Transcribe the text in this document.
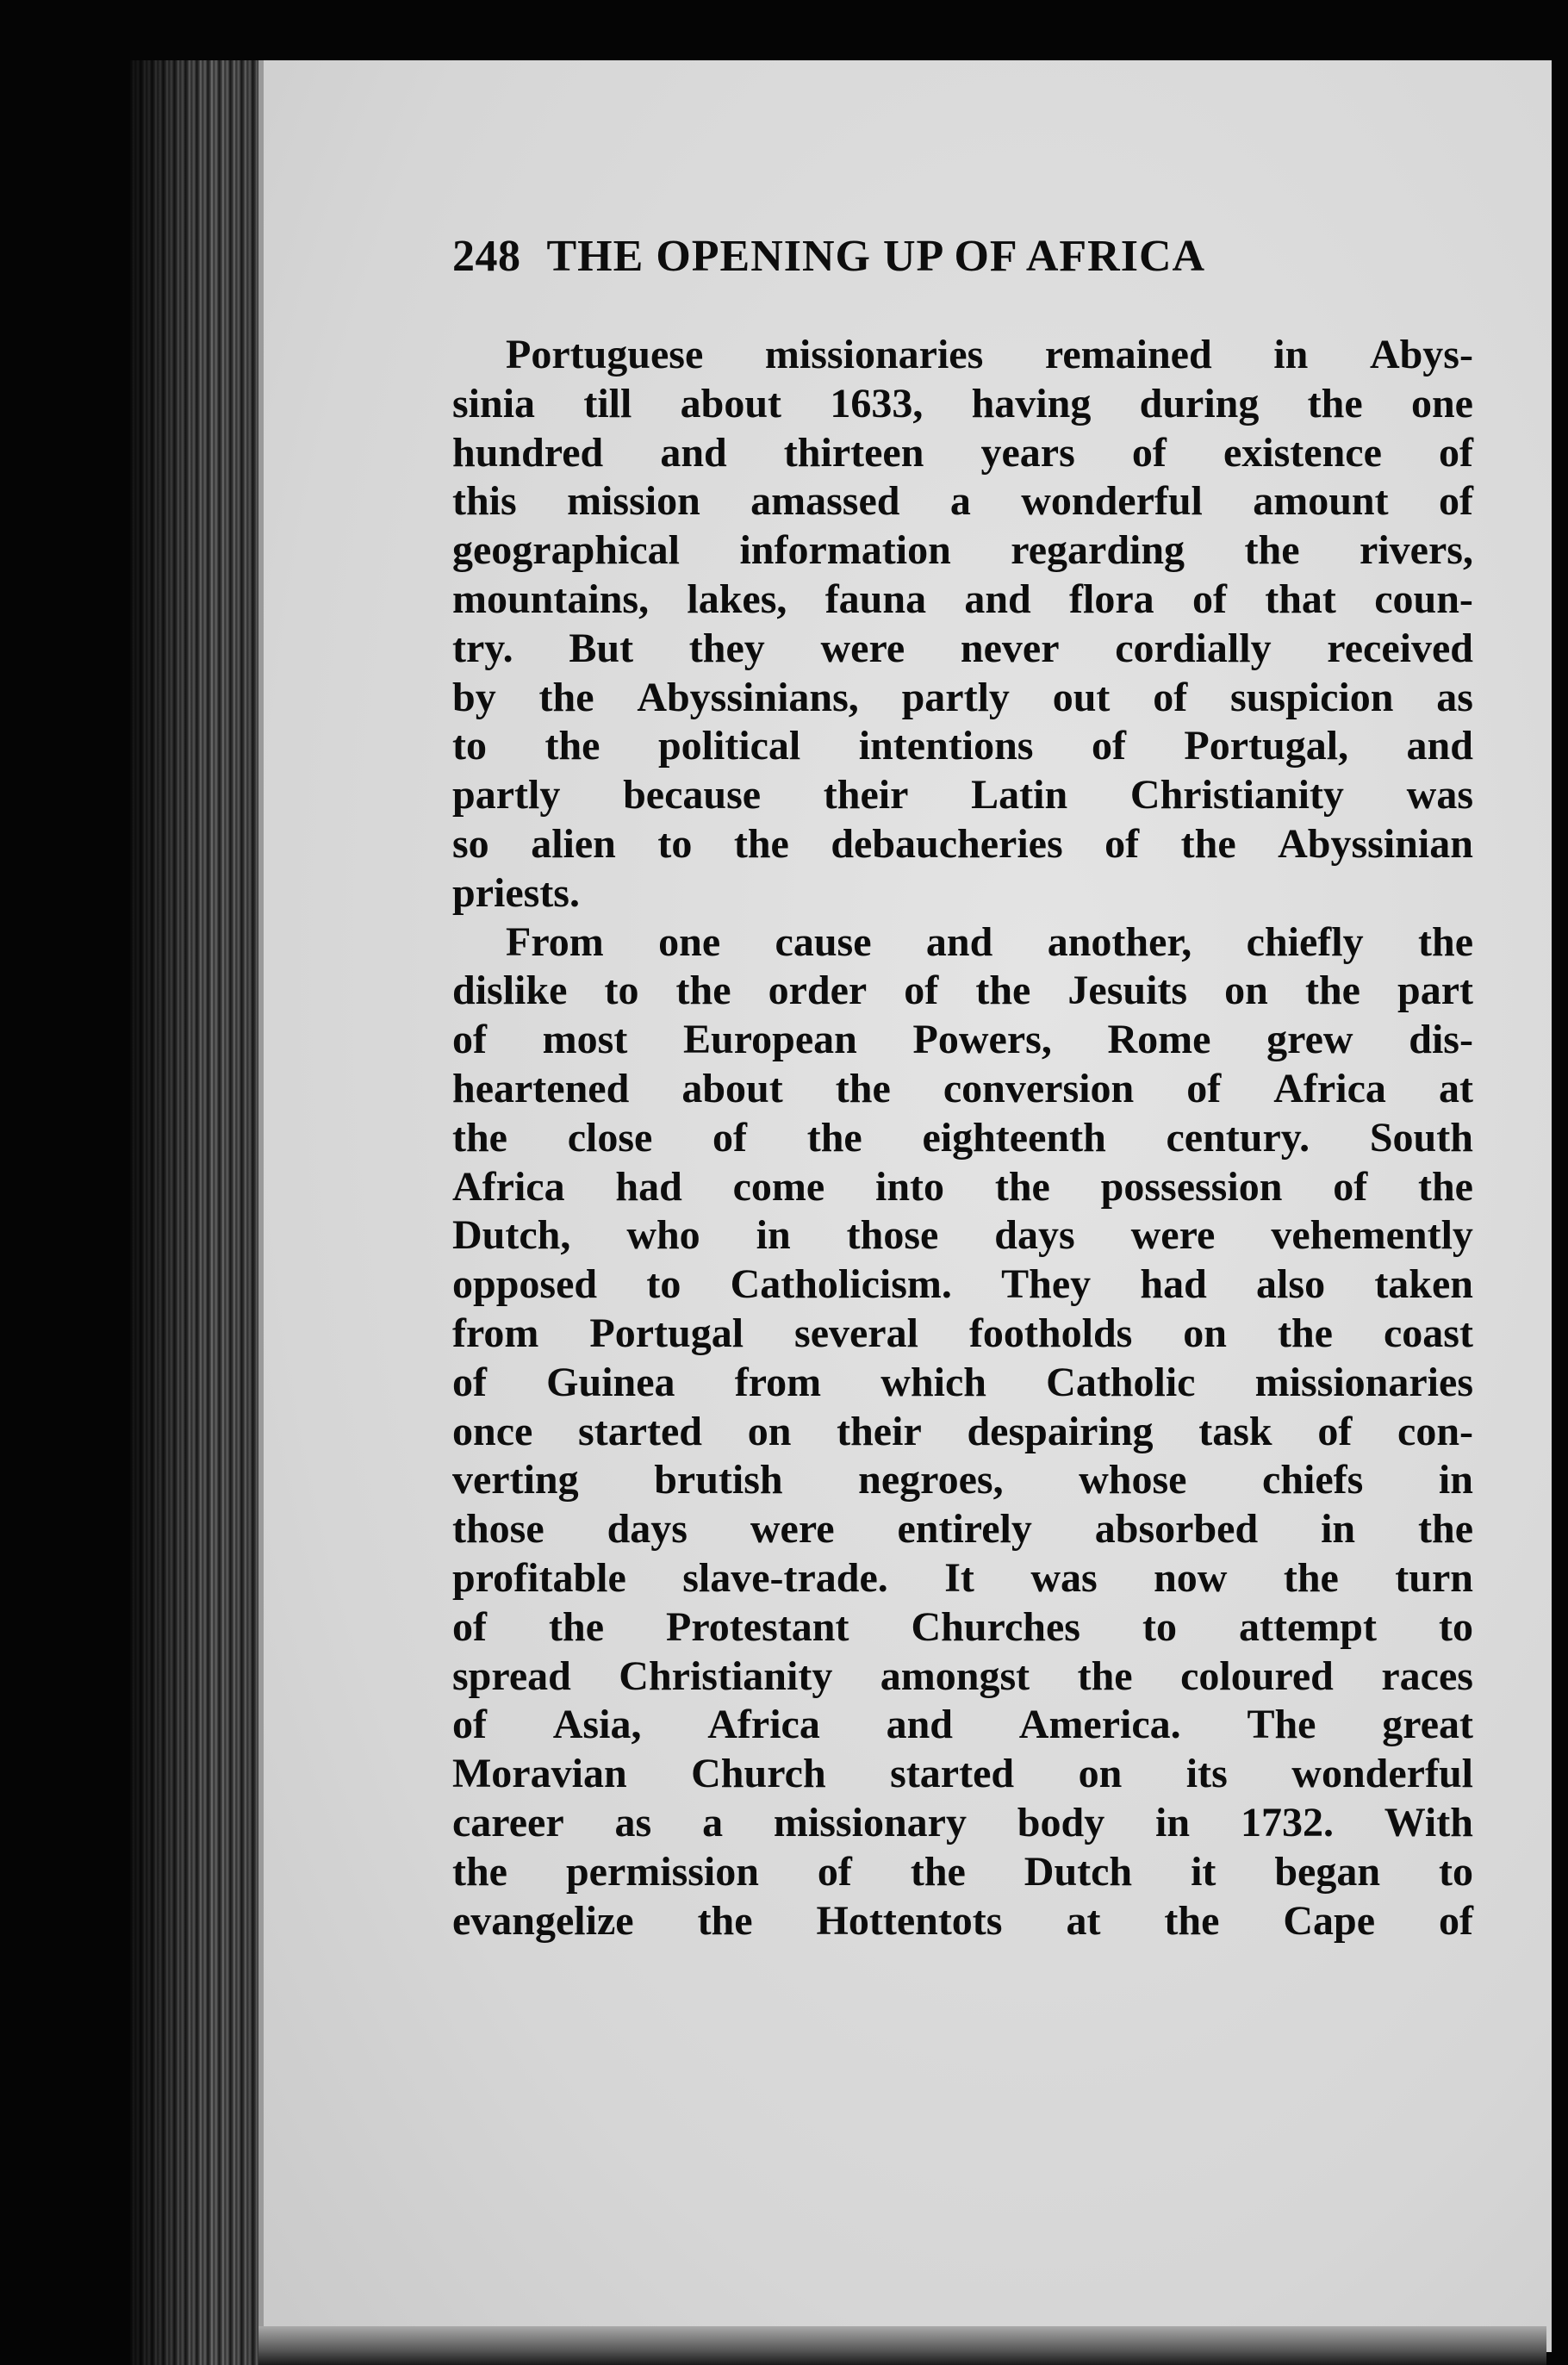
248 THE OPENING UP OF AFRICA
Portuguese missionaries remained in Abys-
sinia till about 1633, having during the one
hundred and thirteen years of existence of
this mission amassed a wonderful amount of
geographical information regarding the rivers,
mountains, lakes, fauna and flora of that coun-
try. But they were never cordially received
by the Abyssinians, partly out of suspicion as
to the political intentions of Portugal, and
partly because their Latin Christianity was
so alien to the debaucheries of the Abyssinian
priests.
From one cause and another, chiefly the
dislike to the order of the Jesuits on the part
of most European Powers, Rome grew dis-
heartened about the conversion of Africa at
the close of the eighteenth century. South
Africa had come into the possession of the
Dutch, who in those days were vehemently
opposed to Catholicism. They had also taken
from Portugal several footholds on the coast
of Guinea from which Catholic missionaries
once started on their despairing task of con-
verting brutish negroes, whose chiefs in
those days were entirely absorbed in the
profitable slave-trade. It was now the turn
of the Protestant Churches to attempt to
spread Christianity amongst the coloured races
of Asia, Africa and America. The great
Moravian Church started on its wonderful
career as a missionary body in 1732. With
the permission of the Dutch it began to
evangelize the Hottentots at the Cape of
